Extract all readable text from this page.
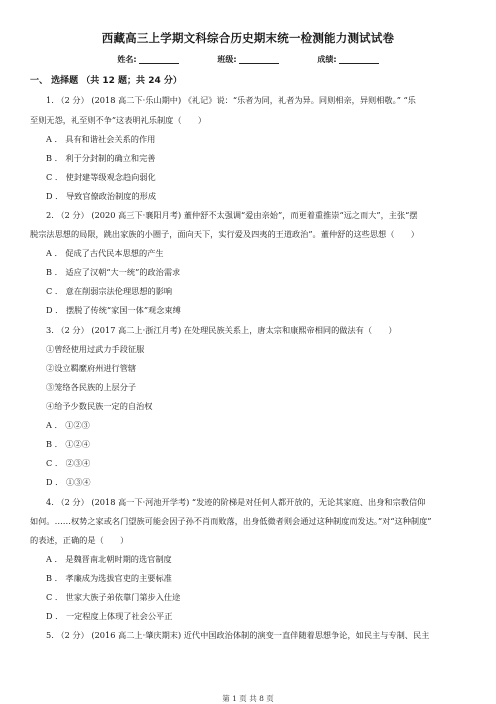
西藏高三上学期文科综合历史期末统一检测能力测试试卷
姓名:	班级:	成绩:
一、 选择题 （共 12 题；共 24 分）
1. （2 分） (2018 高二下·乐山期中) 《礼记》说：“乐者为同，礼者为异。同则相亲，异则相敬。” “乐
至则无怨，礼至则不争”这表明礼乐制度（　　）
A ． 具有和谐社会关系的作用
B ． 利于分封制的确立和完善
C ． 使封建等级观念趋向弱化
D ． 导致官僚政治制度的形成
2. （2 分） (2020 高三下·襄阳月考) 董仲舒不太强调“爱由亲始”，而更着重推崇“远之而大”，主张“摆
脱宗法思想的局限，跳出家族的小圈子，面向天下，实行爱及四夷的王道政治”。董仲舒的这些思想（　　）
A ． 促成了古代民本思想的产生
B ． 适应了汉朝“大一统”的政治需求
C ． 意在削弱宗法伦理思想的影响
D ． 摆脱了传统“家国一体”观念束缚
3. （2 分） (2017 高二上·浙江月考) 在处理民族关系上，唐太宗和康熙帝相同的做法有（　　）
①曾经使用过武力手段征服
②设立羁縻府州进行管辖
③笼络各民族的上层分子
④给予少数民族一定的自治权
A ． ①②③
B ． ①②④
C ． ②③④
D ． ①③④
4. （2 分） (2018 高一下·河池开学考) “发迹的阶梯是对任何人都开放的，无论其家庭、出身和宗教信仰
如何。……权势之家或名门望族可能会因子孙不肖而败落，出身低微者则会通过这种制度而发达。”对“这种制度”
的表述，正确的是（　　）
A ． 是魏晋南北朝时期的选官制度
B ． 孝廉成为选拔官吏的主要标准
C ． 世家大族子弟依靠门第步入仕途
D ． 一定程度上体现了社会公平正
5. （2 分） (2016 高二上·肇庆期末) 近代中国政治体制的演变一直伴随着思想争论，如民主与专制、民主
第 1 页 共 8 页
